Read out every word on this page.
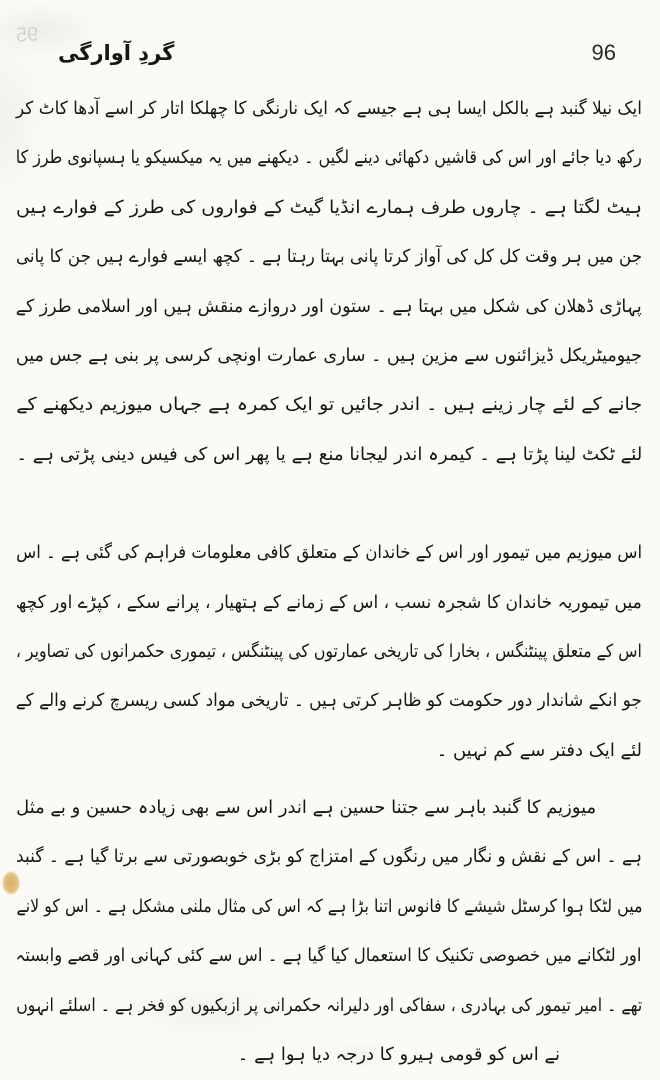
95
گردِ آوارگی	96
ایک نیلا گنبد ہے بالکل ایسا ہی ہے جیسے کہ ایک نارنگی کا چھلکا اتار کر اسے آدھا کاٹ کر
رکھ دیا جائے اور اس کی قاشیں دکھائی دینے لگیں ۔ دیکھنے میں یہ میکسیکو یا ہسپانوی طرز کا
ہیٹ لگتا ہے ۔ چاروں طرف ہمارے انڈیا گیٹ کے فواروں کی طرز کے فوارے ہیں
جن میں ہر وقت کل کل کی آواز کرتا پانی بہتا رہتا ہے ۔ کچھ ایسے فوارے ہیں جن کا پانی
پہاڑی ڈھلان کی شکل میں بہتا ہے ۔ ستون اور دروازے منقش ہیں اور اسلامی طرز کے
جیومیٹریکل ڈیزائنوں سے مزین ہیں ۔ ساری عمارت اونچی کرسی پر بنی ہے جس میں
جانے کے لئے چار زینے ہیں ۔ اندر جائیں تو ایک کمرہ ہے جہاں میوزیم دیکھنے کے
لئے ٹکٹ لینا پڑتا ہے ۔ کیمرہ اندر لیجانا منع ہے یا پھر اس کی فیس دینی پڑتی ہے ۔
اس میوزیم میں تیمور اور اس کے خاندان کے متعلق کافی معلومات فراہم کی گئی ہے ۔ اس
میں تیموریہ خاندان کا شجرہ نسب ، اس کے زمانے کے ہتھیار ، پرانے سکے ، کپڑے اور کچھ
اس کے متعلق پینٹنگس ، بخارا کی تاریخی عمارتوں کی پینٹنگس ، تیموری حکمرانوں کی تصاویر ،
جو انکے شاندار دور حکومت کو ظاہر کرتی ہیں ۔ تاریخی مواد کسی ریسرچ کرنے والے کے
لئے ایک دفتر سے کم نہیں ۔
میوزیم کا گنبد باہر سے جتنا حسین ہے اندر اس سے بھی زیادہ حسین و بے مثل
ہے ۔ اس کے نقش و نگار میں رنگوں کے امتزاج کو بڑی خوبصورتی سے برتا گیا ہے ۔ گنبد
میں لٹکا ہوا کرسٹل شیشے کا فانوس اتنا بڑا ہے کہ اس کی مثال ملنی مشکل ہے ۔ اس کو لانے
اور لٹکانے میں خصوصی تکنیک کا استعمال کیا گیا ہے ۔ اس سے کئی کہانی اور قصے وابستہ
تھے ۔ امیر تیمور کی بہادری ، سفاکی اور دلیرانہ حکمرانی پر ازبکیوں کو فخر ہے ۔ اسلئے انہوں
نے اس کو قومی ہیرو کا درجہ دیا ہوا ہے ۔
